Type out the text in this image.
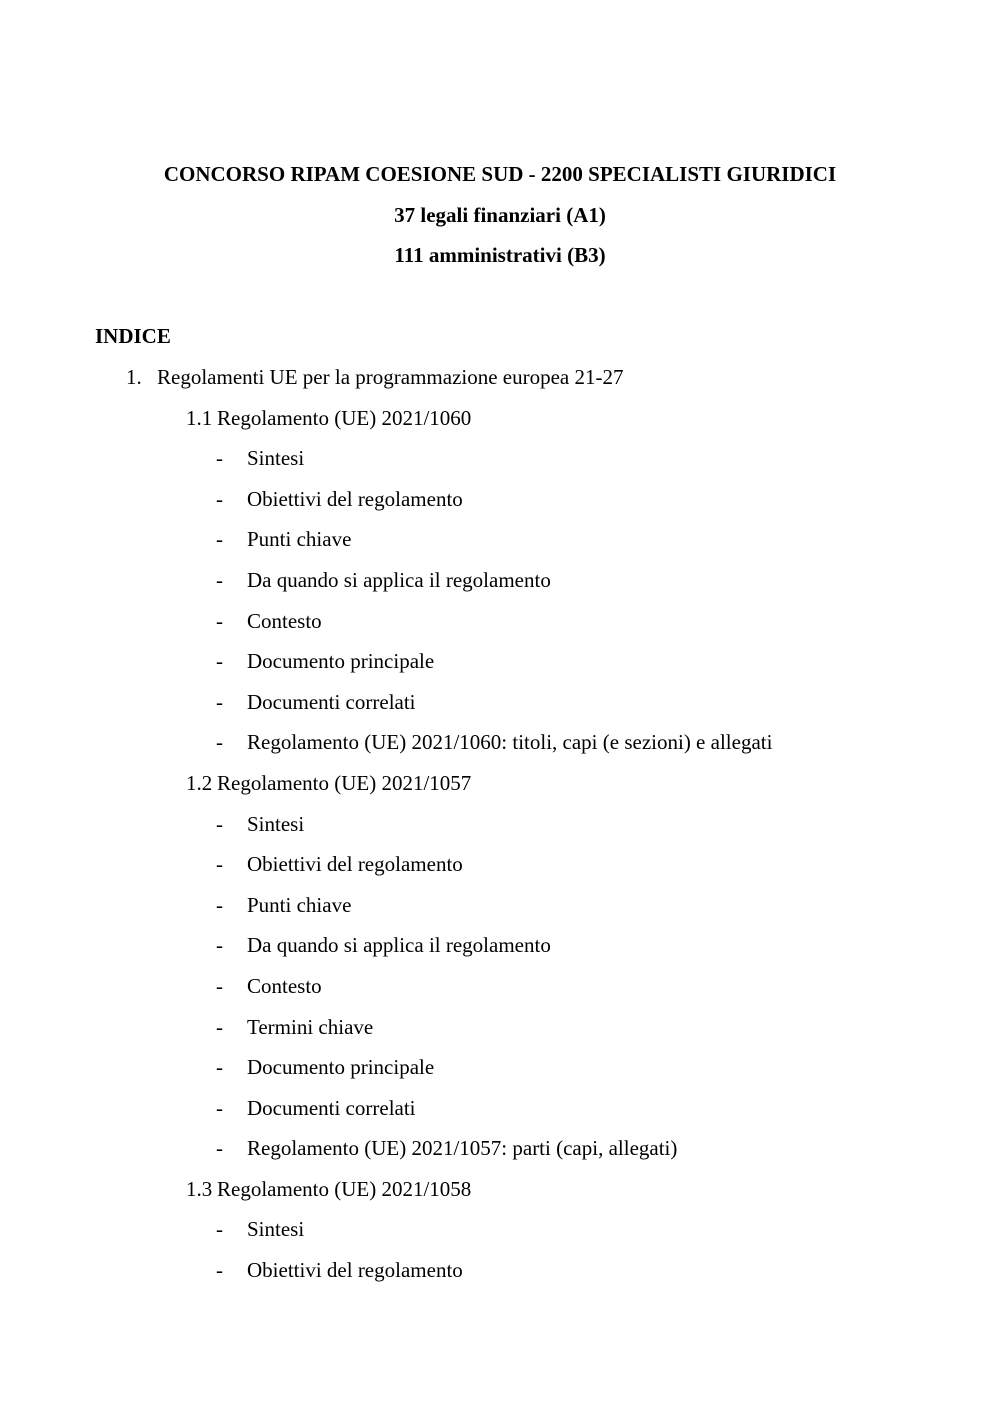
CONCORSO RIPAM COESIONE SUD - 2200 SPECIALISTI GIURIDICI
37 legali finanziari (A1)
111 amministrativi (B3)
INDICE
1. Regolamenti UE per la programmazione europea 21-27
1.1 Regolamento (UE) 2021/1060
- Sintesi
- Obiettivi del regolamento
- Punti chiave
- Da quando si applica il regolamento
- Contesto
- Documento principale
- Documenti correlati
- Regolamento (UE) 2021/1060: titoli, capi (e sezioni) e allegati
1.2 Regolamento (UE) 2021/1057
- Sintesi
- Obiettivi del regolamento
- Punti chiave
- Da quando si applica il regolamento
- Contesto
- Termini chiave
- Documento principale
- Documenti correlati
- Regolamento (UE) 2021/1057: parti (capi, allegati)
1.3 Regolamento (UE) 2021/1058
- Sintesi
- Obiettivi del regolamento
